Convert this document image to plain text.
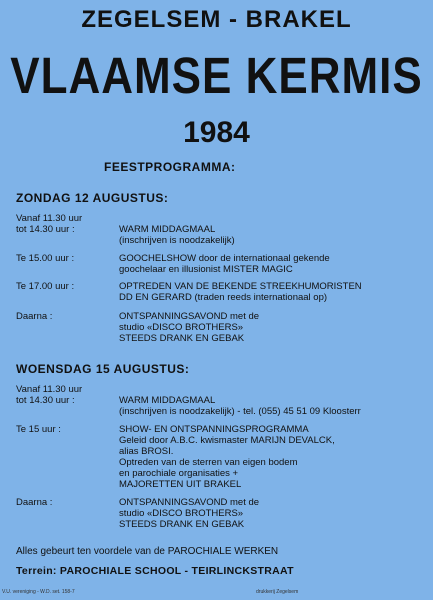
ZEGELSEM - BRAKEL
VLAAMSE KERMIS
1984
FEESTPROGRAMMA:
ZONDAG 12 AUGUSTUS:
Vanaf 11.30 uur
tot 14.30 uur :	WARM MIDDAGMAAL
(inschrijven is noodzakelijk)
Te 15.00 uur :	GOOCHELSHOW door de internationaal gekende
goochelaar en illusionist MISTER MAGIC
Te 17.00 uur :	OPTREDEN VAN DE BEKENDE STREEKHUMORISTEN
DD EN GERARD (traden reeds internationaal op)
Daarna :	ONTSPANNINGSAVOND met de
studio «DISCO BROTHERS»
STEEDS DRANK EN GEBAK
WOENSDAG 15 AUGUSTUS:
Vanaf 11.30 uur
tot 14.30 uur :	WARM MIDDAGMAAL
(inschrijven is noodzakelijk) - tel. (055) 45 51 09 Kloosterr
Te 15 uur :	SHOW- EN ONTSPANNINGSPROGRAMMA
Geleid door A.B.C. kwismaster MARIJN DEVALCK,
alias BROSI.
Optreden van de sterren van eigen bodem
en parochiale organisaties +
MAJORETTEN UIT BRAKEL
Daarna :	ONTSPANNINGSAVOND met de
studio «DISCO BROTHERS»
STEEDS DRANK EN GEBAK
Alles gebeurt ten voordele van de PAROCHIALE WERKEN
Terrein: PAROCHIALE SCHOOL - TEIRLINCKSTRAAT
V.U. vereniging - W.D. set. 158-7	drukkerij Zegelsem
